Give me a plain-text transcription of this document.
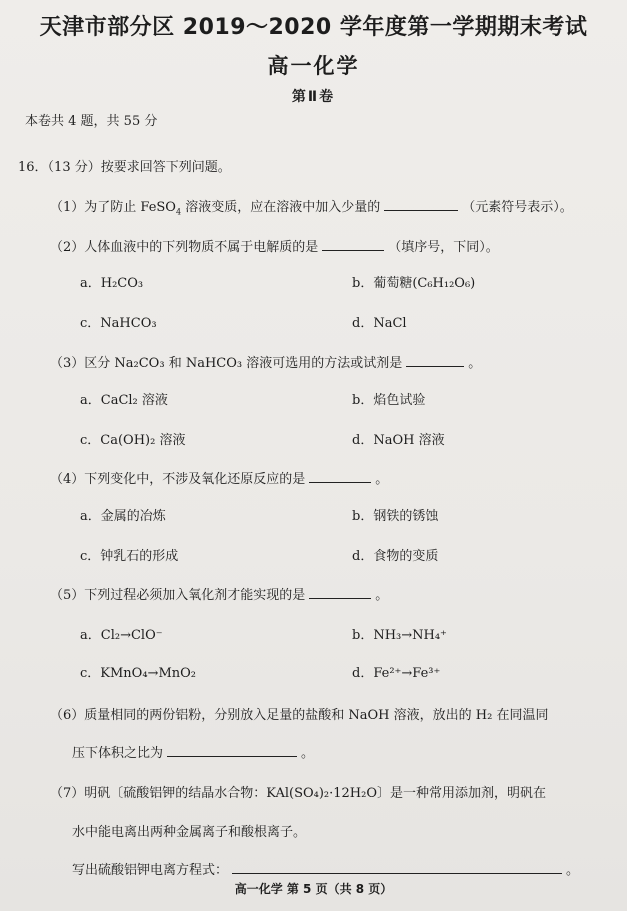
天津市部分区 2019～2020 学年度第一学期期末考试
高一化学
第Ⅱ卷
本卷共 4 题，共 55 分
16．（13 分）按要求回答下列问题。
（1）为了防止 FeSO$_4$ 溶液变质，应在溶液中加入少量的	（元素符号表示）。
（2）人体血液中的下列物质不属于电解质的是	（填序号，下同）。
a．H₂CO₃	b．葡萄糖(C₆H₁₂O₆)
c．NaHCO₃	d．NaCl
（3）区分 Na₂CO₃ 和 NaHCO₃ 溶液可选用的方法或试剂是	。
a．CaCl₂ 溶液	b．焰色试验
c．Ca(OH)₂ 溶液	d．NaOH 溶液
（4）下列变化中，不涉及氧化还原反应的是	。
a．金属的冶炼	b．钢铁的锈蚀
c．钟乳石的形成	d．食物的变质
（5）下列过程必须加入氧化剂才能实现的是	。
a．Cl₂→ClO⁻	b．NH₃→NH₄⁺
c．KMnO₄→MnO₂	d．Fe²⁺→Fe³⁺
（6）质量相同的两份铝粉，分别放入足量的盐酸和 NaOH 溶液，放出的 H₂ 在同温同
压下体积之比为	。
（7）明矾〔硫酸铝钾的结晶水合物：KAl(SO₄)₂·12H₂O〕是一种常用添加剂，明矾在
水中能电离出两种金属离子和酸根离子。
写出硫酸铝钾电离方程式：	。
高一化学 第 5 页（共 8 页）
